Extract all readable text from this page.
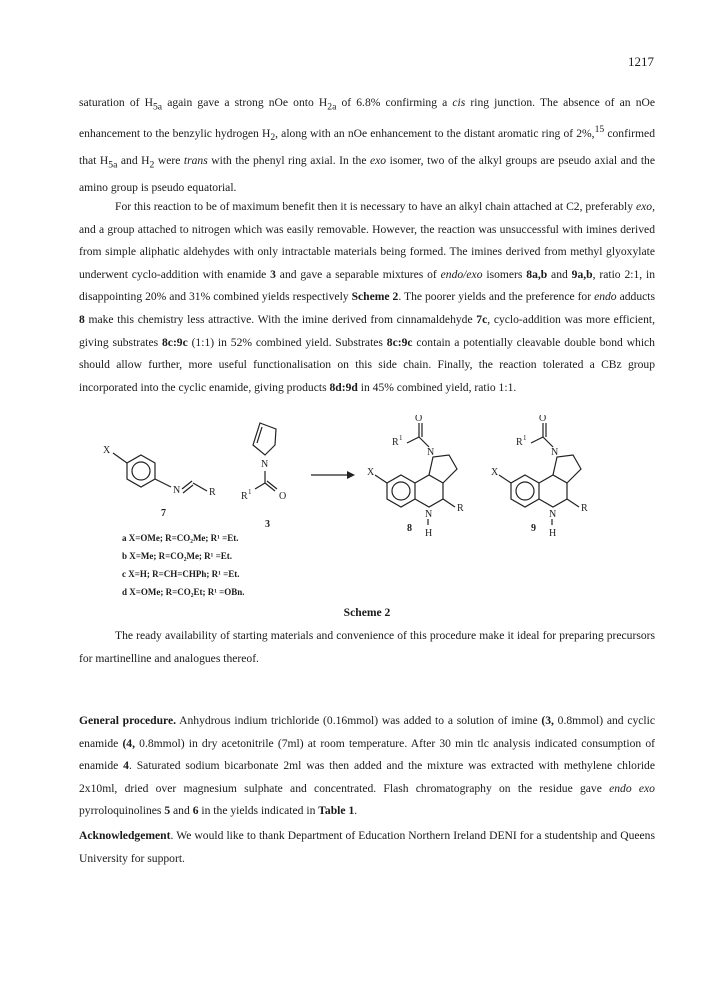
1217

saturation of $H_{5a}$ again gave a strong nOe onto $H_{2a}$ of 6.8% confirming a cis ring junction. The absence of an nOe enhancement to the benzylic hydrogen $H_2$, along with an nOe enhancement to the distant aromatic ring of 2%,$^{15}$ confirmed that $H_{5a}$ and $H_2$ were trans with the phenyl ring axial. In the exo isomer, two of the alkyl groups are pseudo axial and the amino group is pseudo equatorial.

For this reaction to be of maximum benefit then it is necessary to have an alkyl chain attached at C2, preferably exo, and a group attached to nitrogen which was easily removable. However, the reaction was unsuccessful with imines derived from simple aliphatic aldehydes with only intractable materials being formed. The imines derived from methyl glyoxylate underwent cyclo-addition with enamide 3 and gave a separable mixtures of endo/exo isomers 8a,b and 9a,b, ratio 2:1, in disappointing 20% and 31% combined yields respectively Scheme 2. The poorer yields and the preference for endo adducts 8 make this chemistry less attractive. With the imine derived from cinnamaldehyde 7c, cyclo-addition was more efficient, giving substrates 8c:9c (1:1) in 52% combined yield. Substrates 8c:9c contain a potentially cleavable double bond which should allow further, more useful functionalisation on this side chain. Finally, the reaction tolerated a CBz group incorporated into the cyclic enamide, giving products 8d:9d in 45% combined yield, ratio 1:1.

X
N	R
7
N
O
R 1
3
X
N
H
R
N
O
R 1
8
X
N
H
R
N
O
R 1
9
a X=OMe; R=CO₂Me; R¹ =Et.
b X=Me; R=CO₂Me; R¹ =Et.
c X=H; R=CH=CHPh; R¹ =Et.
d X=OMe; R=CO₂Et; R¹ =OBn.
Scheme 2

The ready availability of starting materials and convenience of this procedure make it ideal for preparing precursors for martinelline and analogues thereof.

General procedure. Anhydrous indium trichloride (0.16mmol) was added to a solution of imine (3, 0.8mmol) and cyclic enamide (4, 0.8mmol) in dry acetonitrile (7ml) at room temperature. After 30 min tlc analysis indicated consumption of enamide 4. Saturated sodium bicarbonate 2ml was then added and the mixture was extracted with methylene chloride 2x10ml, dried over magnesium sulphate and concentrated. Flash chromatography on the residue gave endo exo pyrroloquinolines 5 and 6 in the yields indicated in Table 1.

Acknowledgement. We would like to thank Department of Education Northern Ireland DENI for a studentship and Queens University for support.
